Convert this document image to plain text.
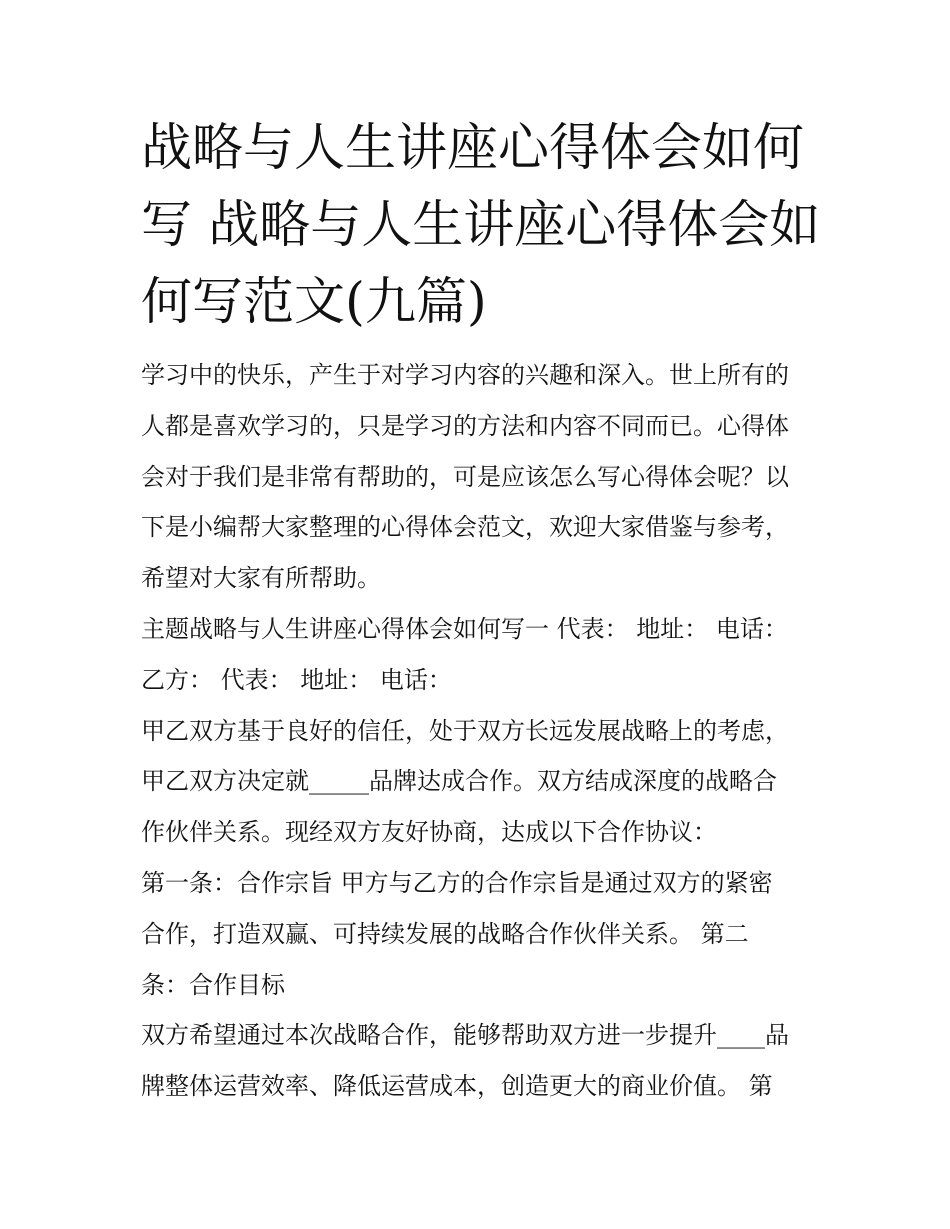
战略与人生讲座心得体会如何
写 战略与人生讲座心得体会如
何写范文(九篇)
学习中的快乐，产生于对学习内容的兴趣和深入。世上所有的
人都是喜欢学习的，只是学习的方法和内容不同而已。心得体
会对于我们是非常有帮助的，可是应该怎么写心得体会呢？以
下是小编帮大家整理的心得体会范文，欢迎大家借鉴与参考，
希望对大家有所帮助。
主题战略与人生讲座心得体会如何写一 代表： 地址： 电话：
乙方： 代表： 地址： 电话：
甲乙双方基于良好的信任，处于双方长远发展战略上的考虑，
甲乙双方决定就_____品牌达成合作。双方结成深度的战略合
作伙伴关系。现经双方友好协商，达成以下合作协议：
第一条：合作宗旨 甲方与乙方的合作宗旨是通过双方的紧密
合作，打造双赢、可持续发展的战略合作伙伴关系。 第二
条：合作目标
双方希望通过本次战略合作，能够帮助双方进一步提升____品
牌整体运营效率、降低运营成本，创造更大的商业价值。 第
